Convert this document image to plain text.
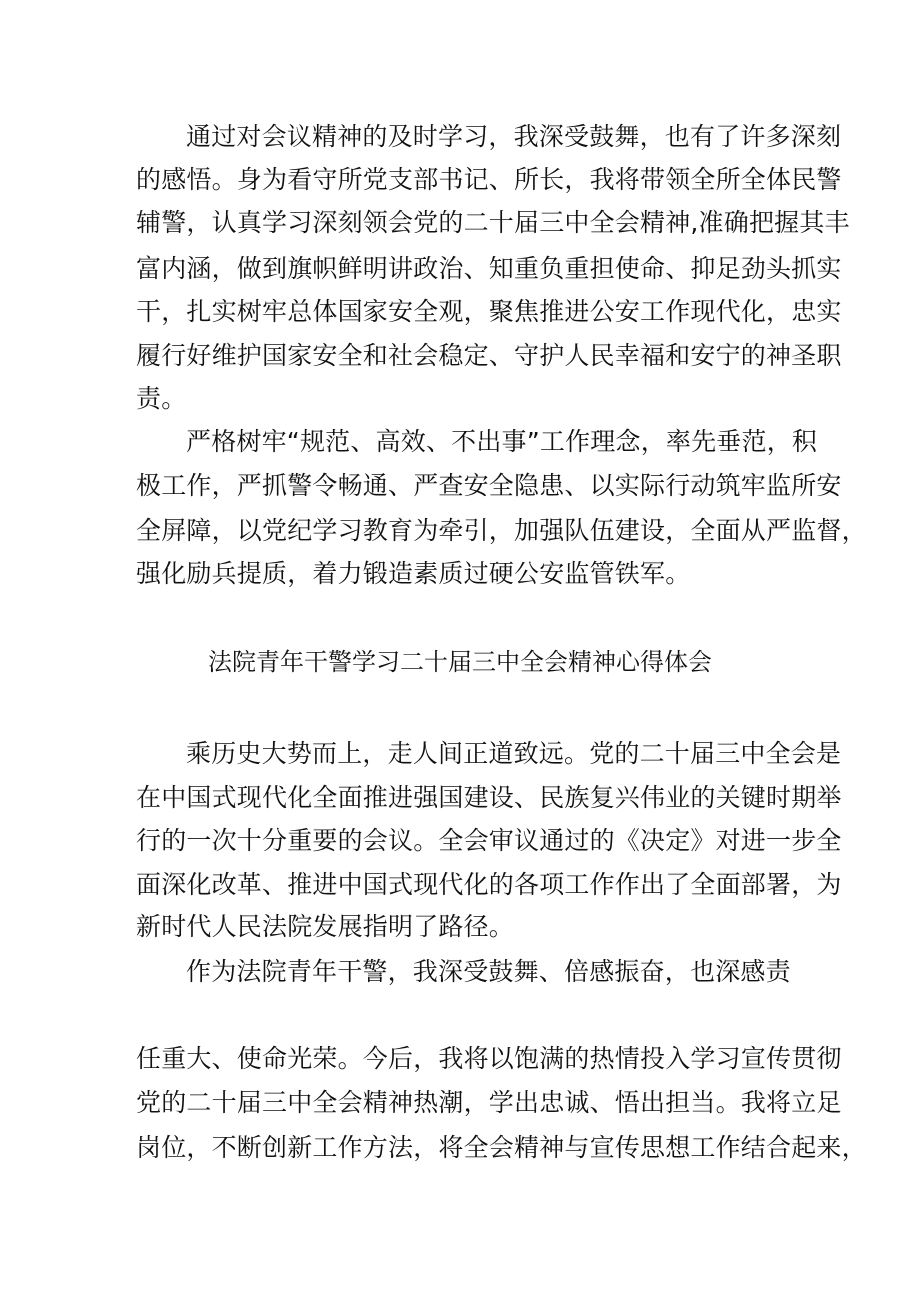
通过对会议精神的及时学习，我深受鼓舞，也有了许多深刻
的感悟。身为看守所党支部书记、所长，我将带领全所全体民警
辅警，认真学习深刻领会党的二十届三中全会精神,准确把握其丰
富内涵，做到旗帜鲜明讲政治、知重负重担使命、抑足劲头抓实
干，扎实树牢总体国家安全观，聚焦推进公安工作现代化，忠实
履行好维护国家安全和社会稳定、守护人民幸福和安宁的神圣职
责。
严格树牢“规范、高效、不出事”工作理念，率先垂范，积
极工作，严抓警令畅通、严查安全隐患、以实际行动筑牢监所安
全屏障，以党纪学习教育为牵引，加强队伍建设，全面从严监督，
强化励兵提质，着力锻造素质过硬公安监管铁军。
法院青年干警学习二十届三中全会精神心得体会
乘历史大势而上，走人间正道致远。党的二十届三中全会是
在中国式现代化全面推进强国建设、民族复兴伟业的关键时期举
行的一次十分重要的会议。全会审议通过的《决定》对进一步全
面深化改革、推进中国式现代化的各项工作作出了全面部署，为
新时代人民法院发展指明了路径。
作为法院青年干警，我深受鼓舞、倍感振奋，也深感责
任重大、使命光荣。今后，我将以饱满的热情投入学习宣传贯彻
党的二十届三中全会精神热潮，学出忠诚、悟出担当。我将立足
岗位，不断创新工作方法，将全会精神与宣传思想工作结合起来，
